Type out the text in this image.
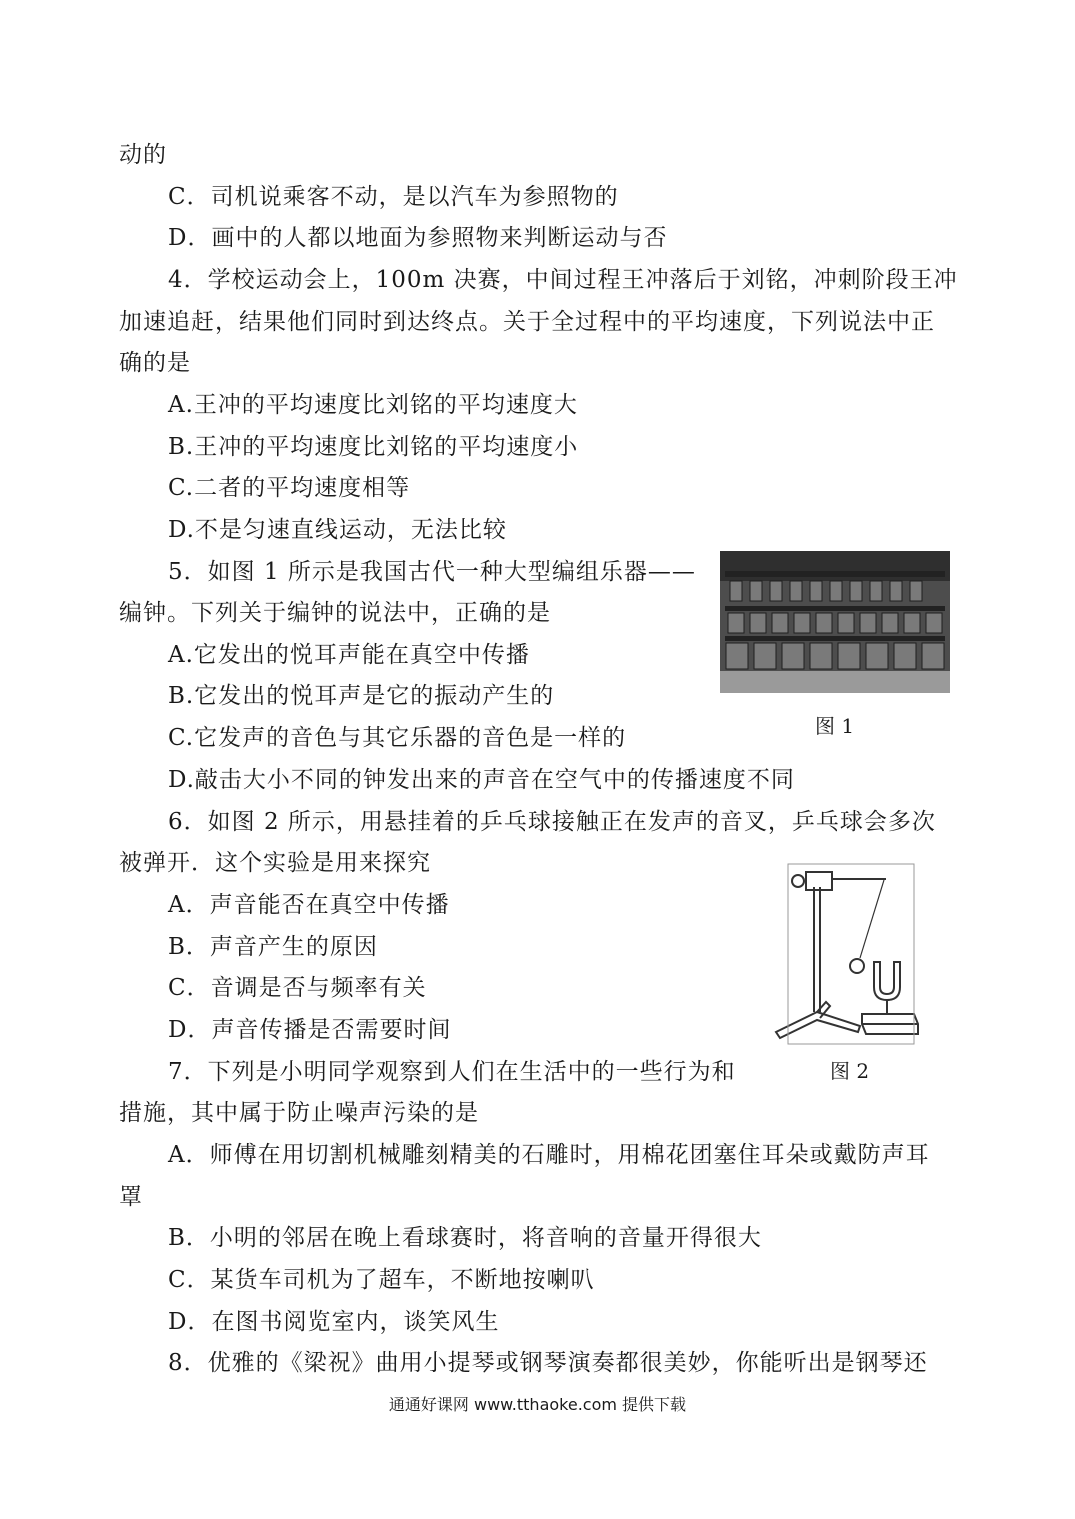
动的
C．司机说乘客不动，是以汽车为参照物的
D．画中的人都以地面为参照物来判断运动与否
4．学校运动会上，100m 决赛，中间过程王冲落后于刘铭，冲刺阶段王冲
加速追赶，结果他们同时到达终点。关于全过程中的平均速度，下列说法中正
确的是
A.王冲的平均速度比刘铭的平均速度大
B.王冲的平均速度比刘铭的平均速度小
C.二者的平均速度相等
D.不是匀速直线运动，无法比较
5．如图 1 所示是我国古代一种大型编组乐器——
编钟。下列关于编钟的说法中，正确的是
A.它发出的悦耳声能在真空中传播
B.它发出的悦耳声是它的振动产生的
C.它发声的音色与其它乐器的音色是一样的
D.敲击大小不同的钟发出来的声音在空气中的传播速度不同
6．如图 2 所示，用悬挂着的乒乓球接触正在发声的音叉，乒乓球会多次
被弹开．这个实验是用来探究
A．声音能否在真空中传播
B．声音产生的原因
C．音调是否与频率有关
D．声音传播是否需要时间
7．下列是小明同学观察到人们在生活中的一些行为和
措施，其中属于防止噪声污染的是
A．师傅在用切割机械雕刻精美的石雕时，用棉花团塞住耳朵或戴防声耳
罩
B．小明的邻居在晚上看球赛时，将音响的音量开得很大
C．某货车司机为了超车，不断地按喇叭
D．在图书阅览室内，谈笑风生
8．优雅的《梁祝》曲用小提琴或钢琴演奏都很美妙，你能听出是钢琴还
图 1
图 2
通通好课网 www.tthaoke.com 提供下载
